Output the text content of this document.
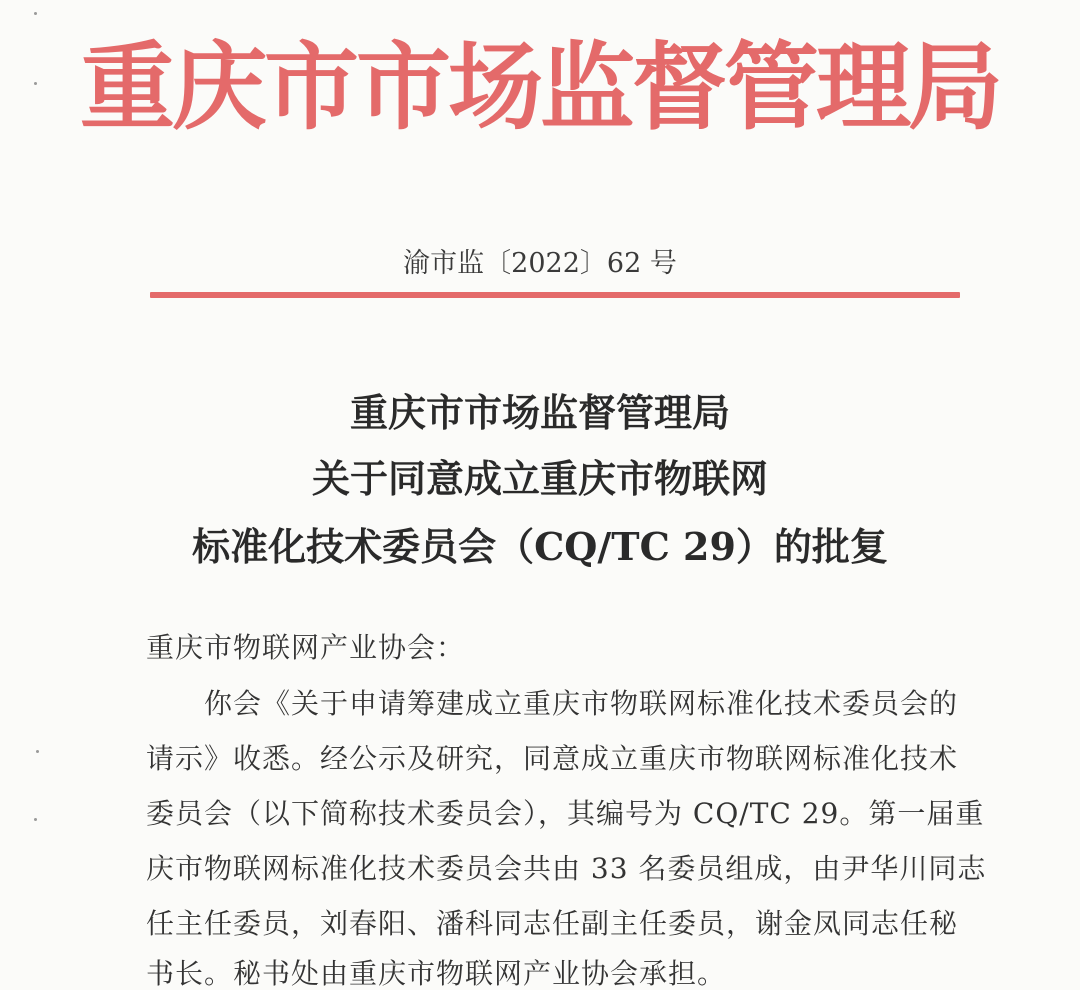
重庆市市场监督管理局
渝市监〔2022〕62 号
重庆市市场监督管理局
关于同意成立重庆市物联网
标准化技术委员会（CQ/TC 29）的批复
重庆市物联网产业协会：
　　你会《关于申请筹建成立重庆市物联网标准化技术委员会的
请示》收悉。经公示及研究，同意成立重庆市物联网标准化技术
委员会（以下简称技术委员会），其编号为 CQ/TC 29。第一届重
庆市物联网标准化技术委员会共由 33 名委员组成，由尹华川同志
任主任委员，刘春阳、潘科同志任副主任委员，谢金凤同志任秘
书长。秘书处由重庆市物联网产业协会承担。
